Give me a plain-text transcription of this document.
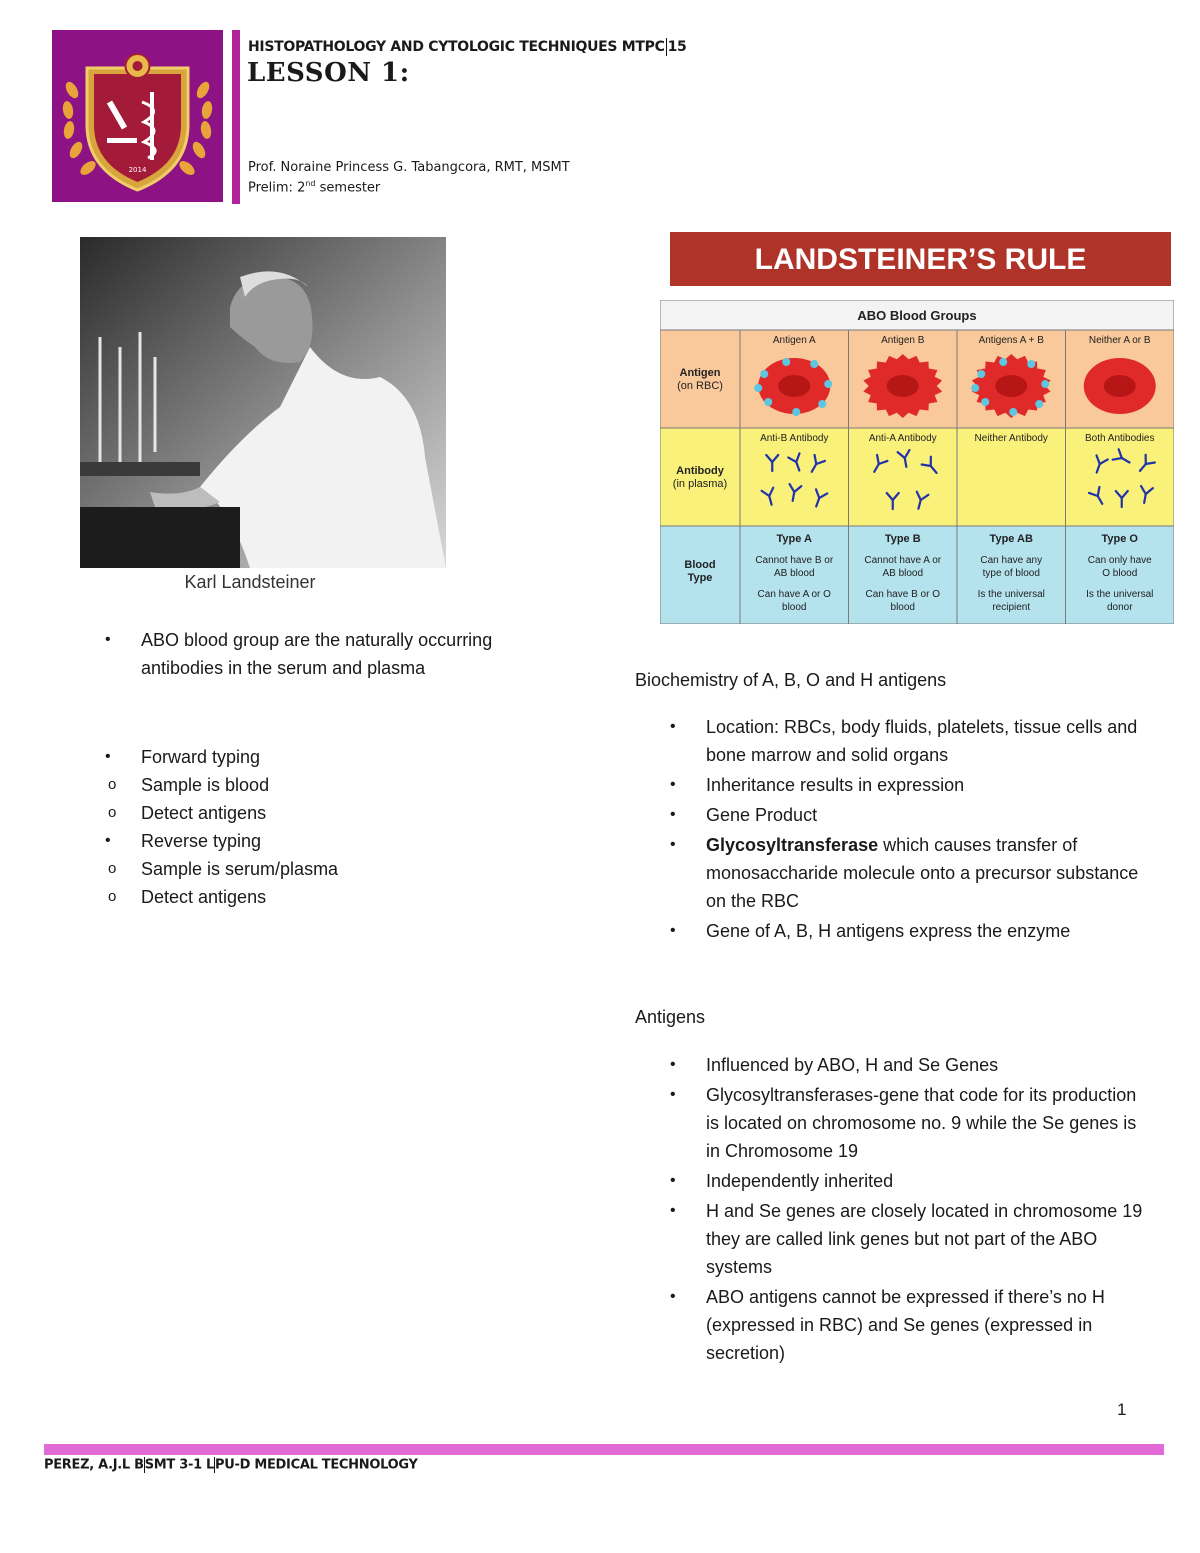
2014
HISTOPATHOLOGY AND CYTOLOGIC TECHNIQUES MTPC 15
LESSON 1:
Prof. Noraine Princess G. Tabangcora, RMT, MSMT
Prelim: 2nd semester
Karl Landsteiner
LANDSTEINER’S RULE
ABO Blood Groups
Antigen
(on RBC)
Antibody
(in plasma)
Blood
Type
Antigen A
Anti-B Antibody
Type A
Cannot have B or
AB blood
Can have A or O
blood
Antigen B
Anti-A Antibody
Type B
Cannot have A or
AB blood
Can have B or O
blood
Antigens A + B
Neither Antibody
Type AB
Can have any
type of blood
Is the universal
recipient
Neither A or B
Both Antibodies
Type O
Can only have
O blood
Is the universal
donor
• ABO blood group are the naturally occurring antibodies in the serum and plasma
• Forward typing
o Sample is blood
o Detect antigens
• Reverse typing
o Sample is serum/plasma
o Detect antigens
Biochemistry of A, B, O and H antigens
• Location: RBCs, body fluids, platelets, tissue cells and bone marrow and solid organs
• Inheritance results in expression
• Gene Product
• Glycosyltransferase which causes transfer of monosaccharide molecule onto a precursor substance on the RBC
• Gene of A, B, H antigens express the enzyme
Antigens
• Influenced by ABO, H and Se Genes
• Glycosyltransferases-gene that code for its production is located on chromosome no. 9 while the Se genes is in Chromosome 19
• Independently inherited
• H and Se genes are closely located in chromosome 19 they are called link genes but not part of the ABO systems
• ABO antigens cannot be expressed if there’s no H (expressed in RBC) and Se genes (expressed in secretion)
1
PEREZ, A.J.L BSMT 3-1 LPU-D MEDICAL TECHNOLOGY
